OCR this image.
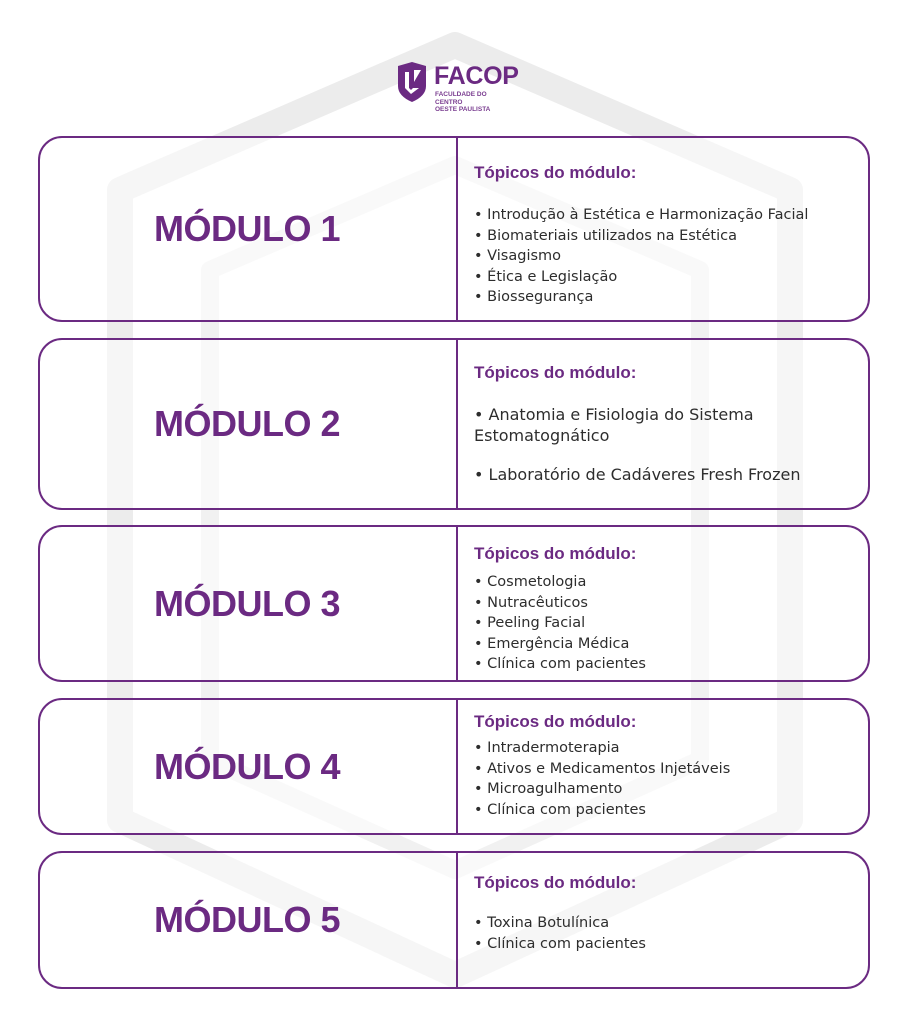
FACOP
FACULDADE DO CENTRO
OESTE PAULISTA
MÓDULO 1
Tópicos do módulo:
• Introdução à Estética e Harmonização Facial
• Biomateriais utilizados na Estética
• Visagismo
• Ética e Legislação
• Biossegurança
MÓDULO 2
Tópicos do módulo:
• Anatomia e Fisiologia do Sistema Estomatognático
• Laboratório de Cadáveres Fresh Frozen
MÓDULO 3
Tópicos do módulo:
• Cosmetologia
• Nutracêuticos
• Peeling Facial
• Emergência Médica
• Clínica com pacientes
MÓDULO 4
Tópicos do módulo:
• Intradermoterapia
• Ativos e Medicamentos Injetáveis
• Microagulhamento
• Clínica com pacientes
MÓDULO 5
Tópicos do módulo:
• Toxina Botulínica
• Clínica com pacientes
